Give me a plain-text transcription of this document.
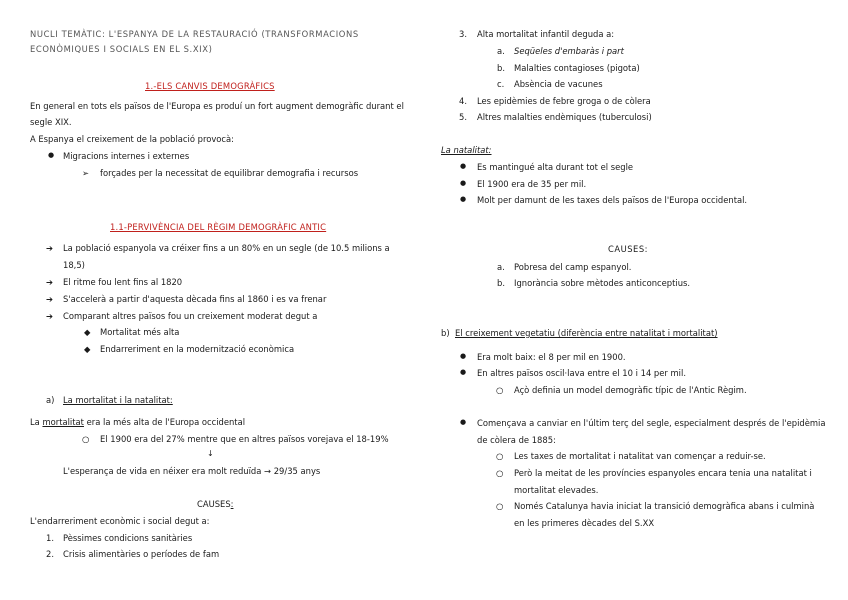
NUCLI TEMÀTIC: L'ESPANYA DE LA RESTAURACIÓ (TRANSFORMACIONS
ECONÒMIQUES I SOCIALS EN EL S.XIX)
1.-ELS CANVIS DEMOGRÀFICS
En general en tots els països de l'Europa es produí un fort augment demogràfic durant el
segle XIX.
A Espanya el creixement de la població provocà:
● Migracions internes i externes
➢ forçades per la necessitat de equilibrar demografia i recursos
1.1-PERVIVÈNCIA DEL RÈGIM DEMOGRÀFIC ANTIC
➔ La població espanyola va créixer fins a un 80% en un segle (de 10.5 milions a
18,5)
➔ El ritme fou lent fins al 1820
➔ S'accelerà a partir d'aquesta dècada fins al 1860 i es va frenar
➔ Comparant altres països fou un creixement moderat degut a
◆ Mortalitat més alta
◆ Endarreriment en la modernització econòmica
a) La mortalitat i la natalitat:
La mortalitat era la més alta de l'Europa occidental
○ El 1900 era del 27% mentre que en altres països vorejava el 18-19%
↓
L'esperança de vida en néixer era molt reduïda → 29/35 anys
CAUSES:
L'endarreriment econòmic i social degut a:
1. Pèssimes condicions sanitàries
2. Crisis alimentàries o períodes de fam
3. Alta mortalitat infantil deguda a:
a. Seqüeles d'embaràs i part
b. Malalties contagioses (pigota)
c. Absència de vacunes
4. Les epidèmies de febre groga o de còlera
5. Altres malalties endèmiques (tuberculosi)
La natalitat:
● Es mantingué alta durant tot el segle
● El 1900 era de 35 per mil.
● Molt per damunt de les taxes dels països de l'Europa occidental.
CAUSES:
a. Pobresa del camp espanyol.
b. Ignorància sobre mètodes anticonceptius.
b) El creixement vegetatiu (diferència entre natalitat i mortalitat)
● Era molt baix: el 8 per mil en 1900.
● En altres països oscil·lava entre el 10 i 14 per mil.
○ Açò definia un model demogràfic típic de l'Antic Règim.
● Començava a canviar en l'últim terç del segle, especialment després de l'epidèmia
de còlera de 1885:
○ Les taxes de mortalitat i natalitat van començar a reduir-se.
○ Però la meitat de les províncies espanyoles encara tenia una natalitat i
mortalitat elevades.
○ Només Catalunya havia iniciat la transició demogràfica abans i culminà
en les primeres dècades del S.XX
